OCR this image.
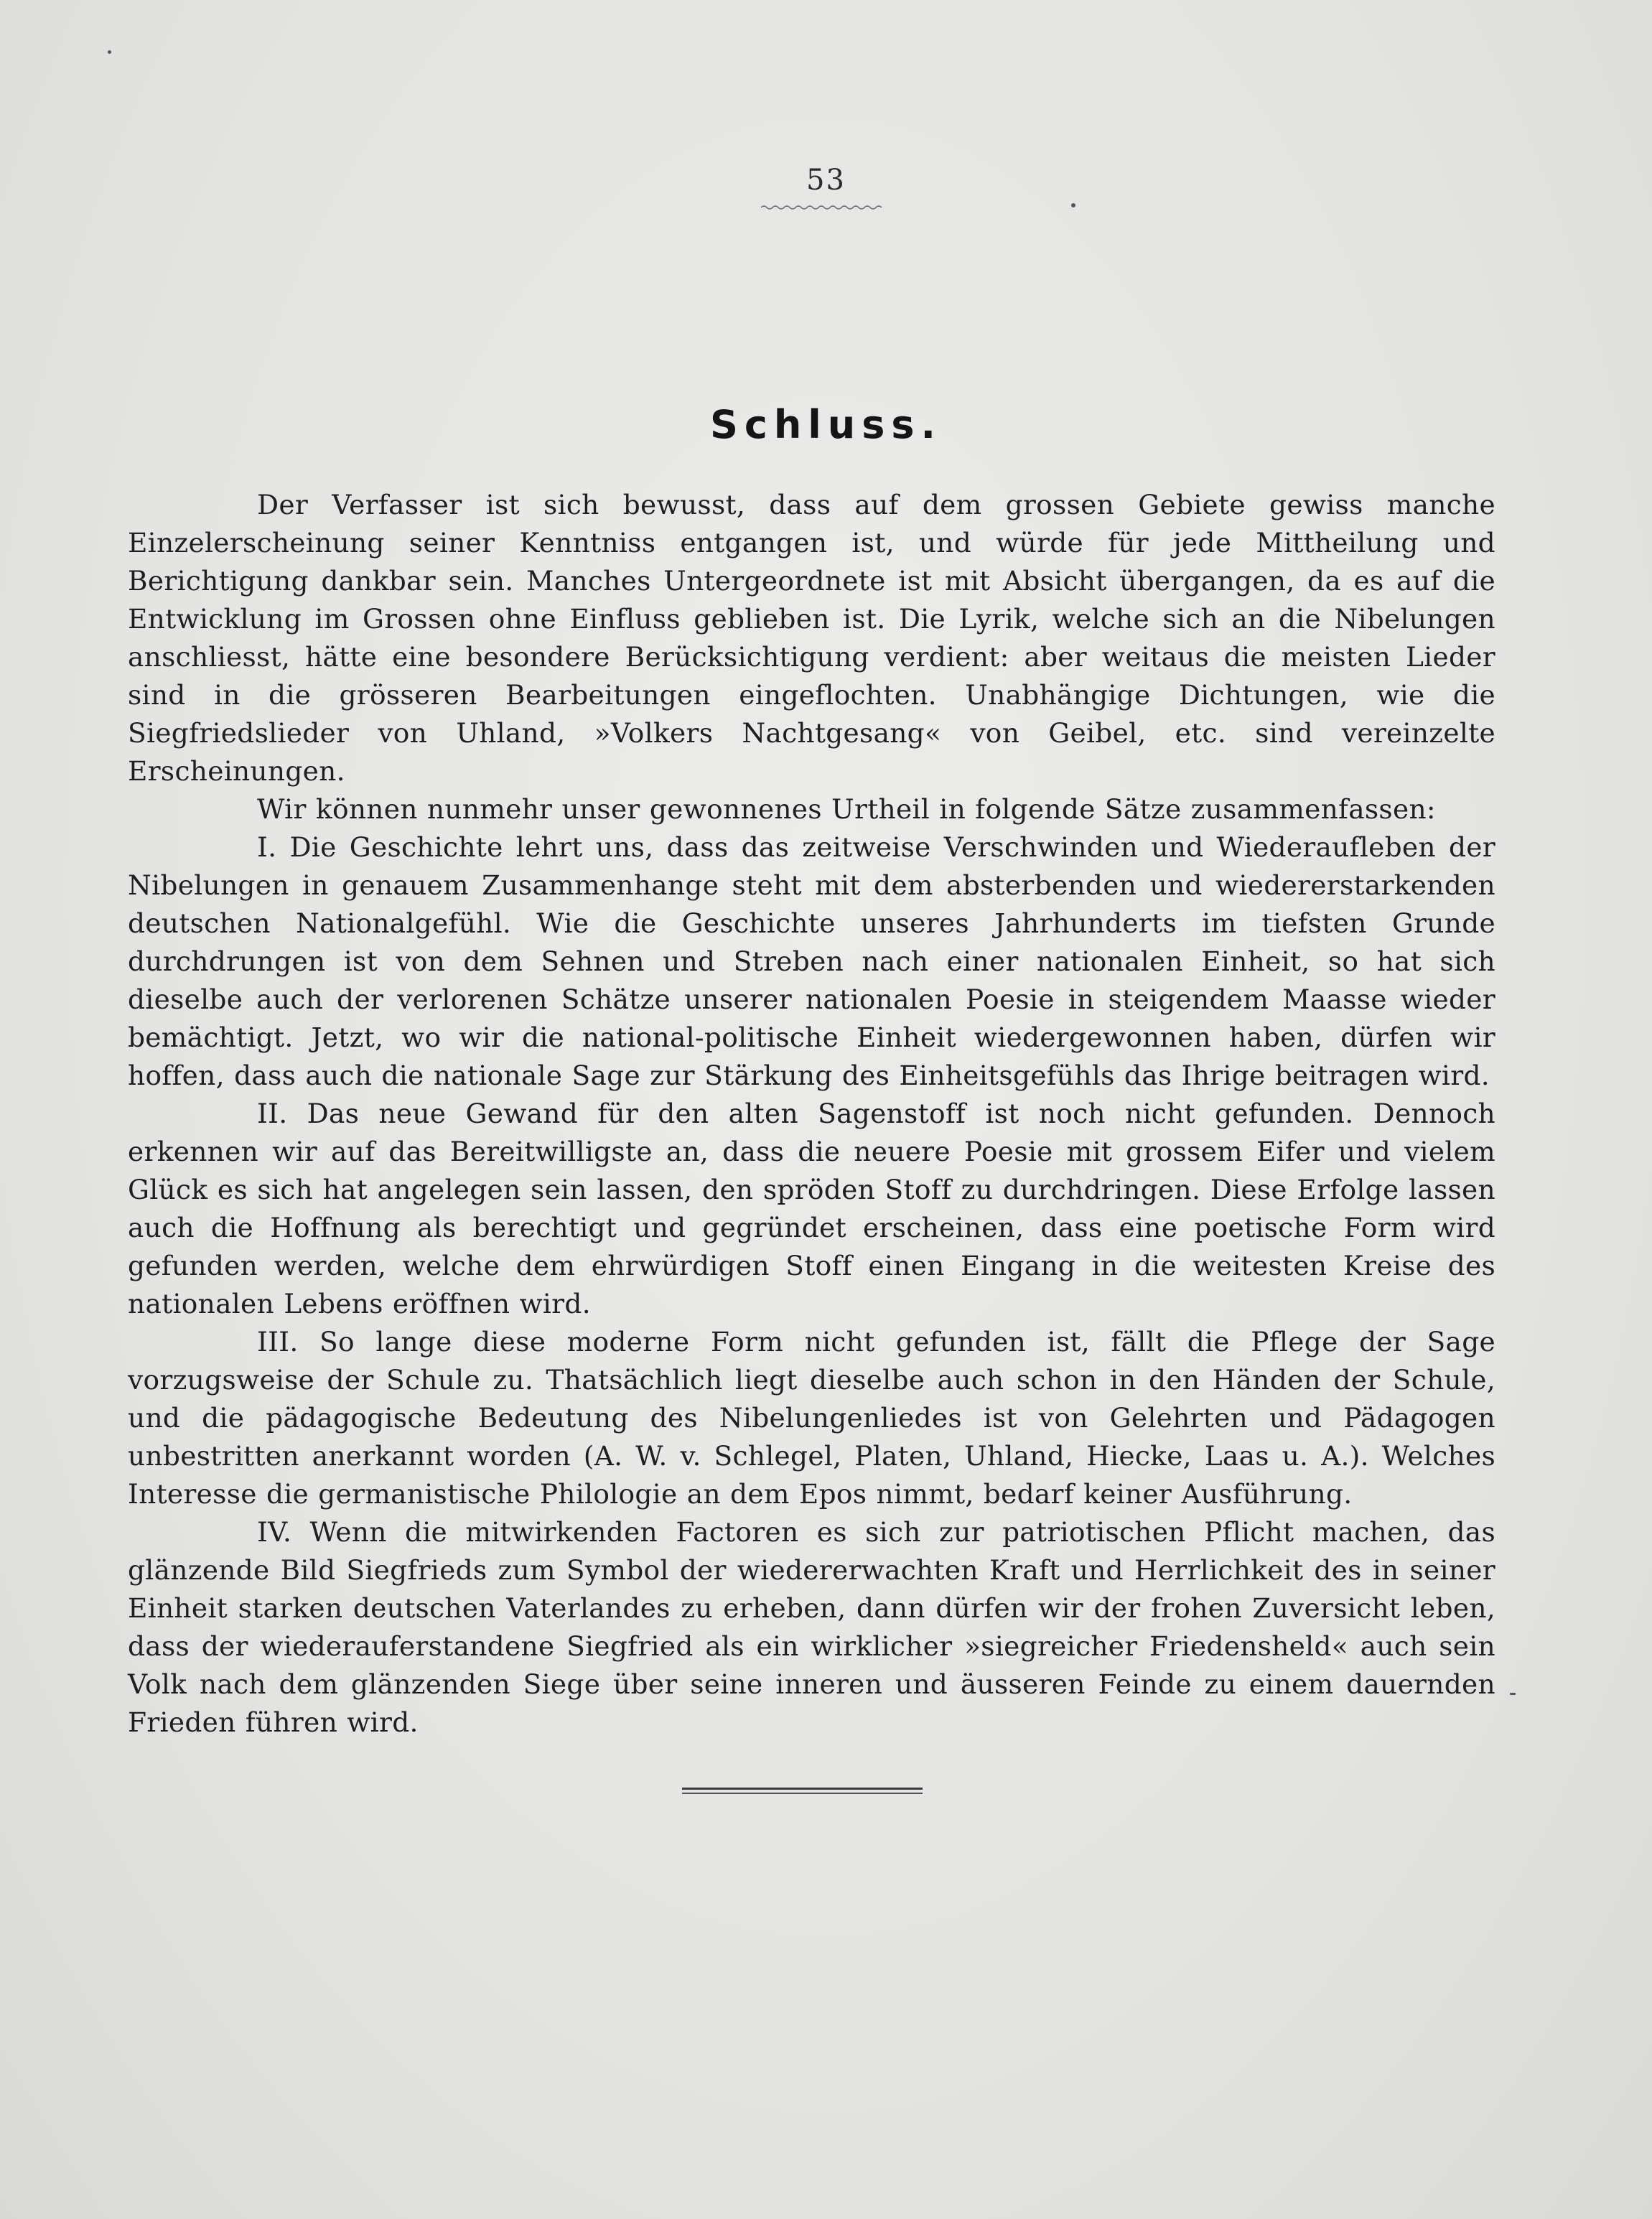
53
Schluss.

Der Verfasser ist sich bewusst, dass auf dem grossen Gebiete gewiss manche Einzelerscheinung seiner Kenntniss entgangen ist, und würde für jede Mittheilung und Berichtigung dankbar sein. Manches Untergeordnete ist mit Absicht übergangen, da es auf die Entwicklung im Grossen ohne Einfluss geblieben ist. Die Lyrik, welche sich an die Nibelungen anschliesst, hätte eine besondere Berücksichtigung verdient: aber weitaus die meisten Lieder sind in die grösseren Bearbeitungen eingeflochten. Unabhängige Dichtungen, wie die Siegfriedslieder von Uhland, »Volkers Nachtgesang« von Geibel, etc. sind vereinzelte Erscheinungen.

Wir können nunmehr unser gewonnenes Urtheil in folgende Sätze zusammenfassen:

I. Die Geschichte lehrt uns, dass das zeitweise Verschwinden und Wiederaufleben der Nibelungen in genauem Zusammenhange steht mit dem absterbenden und wiedererstarkenden deutschen Nationalgefühl. Wie die Geschichte unseres Jahrhunderts im tiefsten Grunde durchdrungen ist von dem Sehnen und Streben nach einer nationalen Einheit, so hat sich dieselbe auch der verlorenen Schätze unserer nationalen Poesie in steigendem Maasse wieder bemächtigt. Jetzt, wo wir die national-politische Einheit wiedergewonnen haben, dürfen wir hoffen, dass auch die nationale Sage zur Stärkung des Einheitsgefühls das Ihrige beitragen wird.

II. Das neue Gewand für den alten Sagenstoff ist noch nicht gefunden. Dennoch erkennen wir auf das Bereitwilligste an, dass die neuere Poesie mit grossem Eifer und vielem Glück es sich hat angelegen sein lassen, den spröden Stoff zu durchdringen. Diese Erfolge lassen auch die Hoffnung als berechtigt und gegründet erscheinen, dass eine poetische Form wird gefunden werden, welche dem ehrwürdigen Stoff einen Eingang in die weitesten Kreise des nationalen Lebens eröffnen wird.

III. So lange diese moderne Form nicht gefunden ist, fällt die Pflege der Sage vorzugsweise der Schule zu. Thatsächlich liegt dieselbe auch schon in den Händen der Schule, und die pädagogische Bedeutung des Nibelungenliedes ist von Gelehrten und Pädagogen unbestritten anerkannt worden (A. W. v. Schlegel, Platen, Uhland, Hiecke, Laas u. A.). Welches Interesse die germanistische Philologie an dem Epos nimmt, bedarf keiner Ausführung.

IV. Wenn die mitwirkenden Factoren es sich zur patriotischen Pflicht machen, das glänzende Bild Siegfrieds zum Symbol der wiedererwachten Kraft und Herrlichkeit des in seiner Einheit starken deutschen Vaterlandes zu erheben, dann dürfen wir der frohen Zuversicht leben, dass der wiederauferstandene Siegfried als ein wirklicher »siegreicher Friedensheld« auch sein Volk nach dem glänzenden Siege über seine inneren und äusseren Feinde zu einem dauernden Frieden führen wird.
